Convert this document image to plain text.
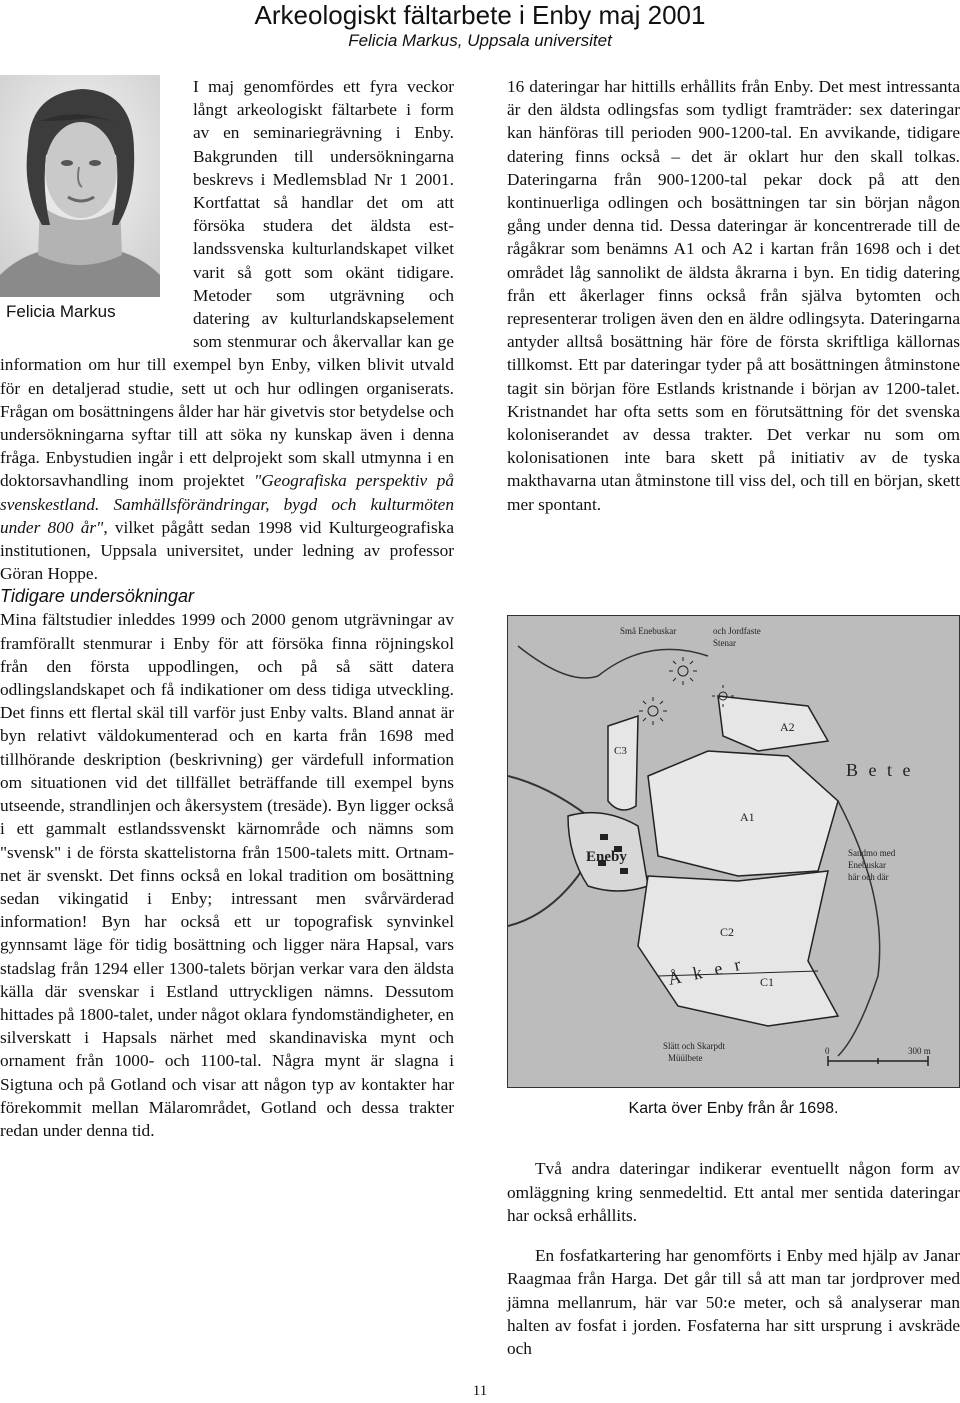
Arkeologiskt fältarbete i Enby maj 2001
Felicia Markus, Uppsala universitet
Felicia Markus

I maj genomfördes ett fyra veckor långt arkeologiskt fältarbete i form av en seminariegrävning i Enby. Bakgrunden till undersökningarna beskrevs i Medlemsblad Nr 1 2001. Kortfattat så handlar det om att försöka studera det äldsta estlandssvenska kulturlandskapet vilket varit så gott som okänt tidigare. Metoder som utgrävning och datering av kulturlandskapselement som stenmurar och åkervallar kan ge information om hur till exempel byn Enby, vilken blivit utvald för en detaljerad studie, sett ut och hur odlingen organiserats. Frågan om bosättningens ålder har här givetvis stor betydelse och undersökningarna syftar till att söka ny kunskap även i denna fråga. Enbystudien ingår i ett delprojekt som skall utmynna i en doktorsavhandling inom projektet "Geografiska perspektiv på svenskestland. Samhällsförändringar, bygd och kulturmöten under 800 år", vilket pågått sedan 1998 vid Kulturgeografiska institutionen, Uppsala universitet, under ledning av professor Göran Hoppe.

Tidigare undersökningar

Mina fältstudier inleddes 1999 och 2000 genom utgrävningar av framförallt stenmurar i Enby för att försöka finna röjningskol från den första uppodlingen, och på så sätt datera odlingslandskapet och få indikationer om dess tidiga utveckling. Det finns ett flertal skäl till varför just Enby valts. Bland annat är byn relativt väldokumenterad och en karta från 1698 med tillhörande deskription (beskrivning) ger värdefull information om situationen vid det tillfället beträffande till exempel byns utseende, strandlinjen och åkersystem (tresäde). Byn ligger också i ett gammalt estlandssvenskt kärnområde och nämns som "svensk" i de första skattelistorna från 1500-talets mitt. Ortnamnet är svenskt. Det finns också en lokal tradition om bosättning sedan vikingatid i Enby; intressant men svårvärderad information! Byn har också ett ur topografisk synvinkel gynnsamt läge för tidig bosättning och ligger nära Hapsal, vars stadslag från 1294 eller 1300-talets början verkar vara den äldsta källa där svenskar i Estland uttryckligen nämns. Dessutom hittades på 1800-talet, under något oklara fyndomständigheter, en silverskatt i Hapsals närhet med skandinaviska mynt och ornament från 1000- och 1100-tal. Några mynt är slagna i Sigtuna och på Gotland och visar att någon typ av kontakter har förekommit mellan Mälarområdet, Gotland och dessa trakter redan under denna tid.

16 dateringar har hittills erhållits från Enby. Det mest intressanta är den äldsta odlingsfas som tydligt framträder: sex dateringar kan hänföras till perioden 900-1200-tal. En avvikande, tidigare datering finns också – det är oklart hur den skall tolkas. Dateringarna från 900-1200-tal pekar dock på att den kontinuerliga odlingen och bosättningen tar sin början någon gång under denna tid. Dessa dateringar är koncentrerade till de rågåkrar som benämns A1 och A2 i kartan från 1698 och i det området låg sannolikt de äldsta åkrarna i byn. En tidig datering från ett åkerlager finns också från själva bytomten och representerar troligen även den en äldre odlingsyta. Dateringarna antyder alltså bosättning här före de första skriftliga källornas tillkomst. Ett par dateringar tyder på att bosättningen åtminstone tagit sin början före Estlands kristnande i början av 1200-talet. Kristnandet har ofta setts som en förutsättning för det svenska koloniserandet av dessa trakter. Det verkar nu som om kolonisationen inte bara skett på initiativ av de tyska makthavarna utan åtminstone till viss del, och till en början, skett mer spontant.

Små Enebuskar	och Jordfaste
Stenar
A2
A1
C3
C2
C1
B e t e
Å k e r
Eneby	Sandmo med
Enebuskar
här och där
Slätt och Skarpdt
Müülbete
0	300 m
Karta över Enby från år 1698.

Två andra dateringar indikerar eventuellt någon form av omläggning kring senmedeltid. Ett antal mer sentida dateringar har också erhållits.

En fosfatkartering har genomförts i Enby med hjälp av Janar Raagmaa från Harga. Det går till så att man tar jordprover med jämna mellanrum, här var 50:e meter, och så analyserar man halten av fosfat i jorden. Fosfaterna har sitt ursprung i avskräde och

11
